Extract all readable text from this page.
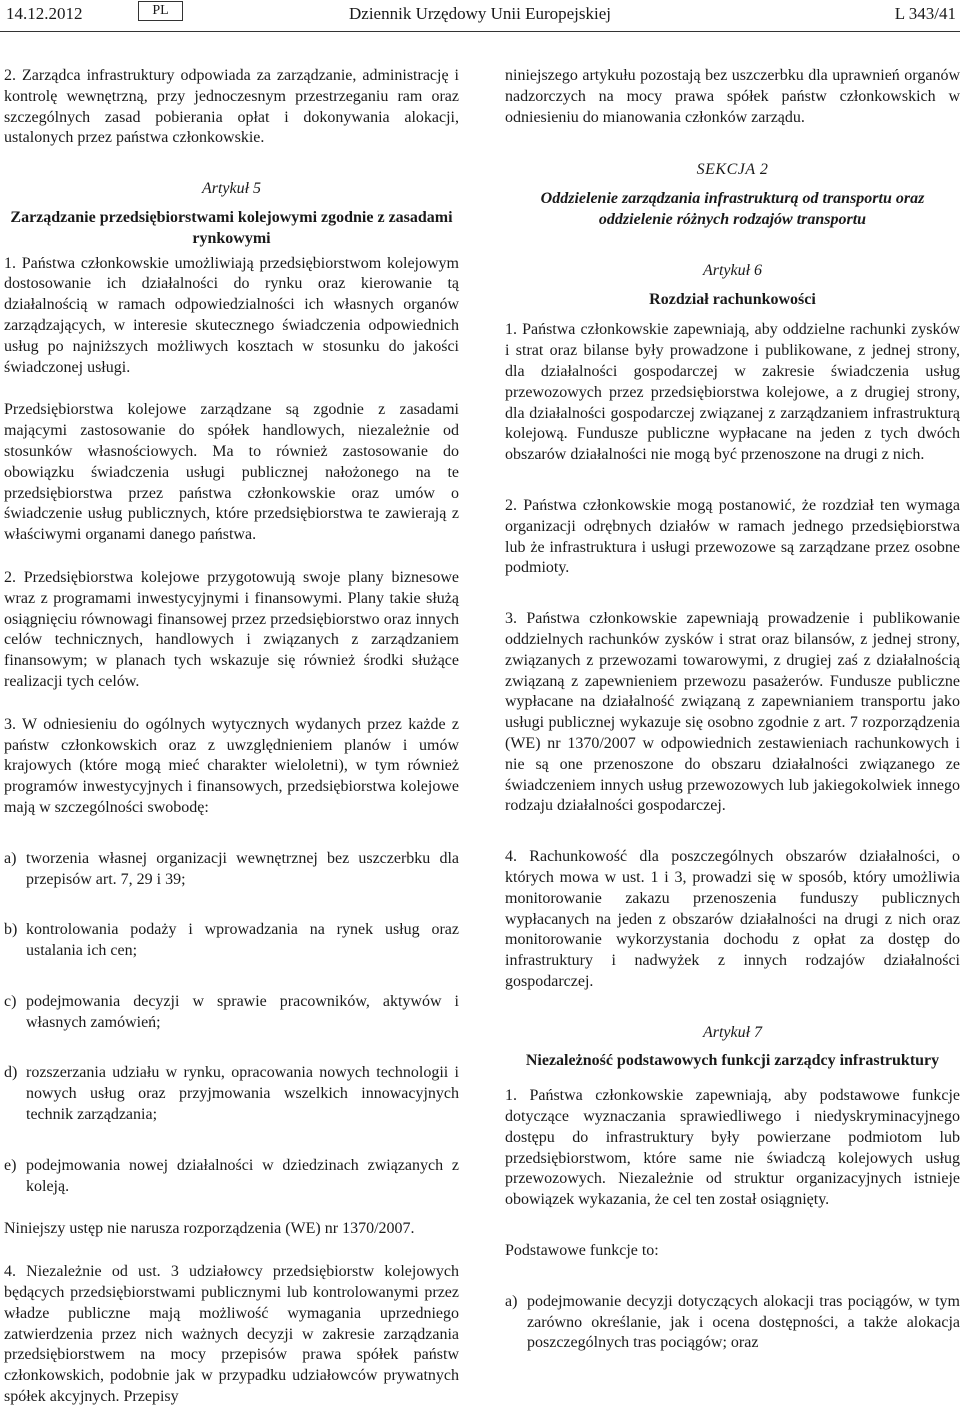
14.12.2012	PL	Dziennik Urzędowy Unii Europejskiej	L 343/41

2. Zarządca infrastruktury odpowiada za zarządzanie, administrację i kontrolę wewnętrzną, przy jednoczesnym przestrzeganiu ram oraz szczególnych zasad pobierania opłat i dokonywania alokacji, ustalonych przez państwa członkowskie.

Artykuł 5

Zarządzanie przedsiębiorstwami kolejowymi zgodnie z zasadami rynkowymi

1. Państwa członkowskie umożliwiają przedsiębiorstwom kolejowym dostosowanie ich działalności do rynku oraz kierowanie tą działalnością w ramach odpowiedzialności ich własnych organów zarządzających, w interesie skutecznego świadczenia odpowiednich usług po najniższych możliwych kosztach w stosunku do jakości świadczonej usługi.

Przedsiębiorstwa kolejowe zarządzane są zgodnie z zasadami mającymi zastosowanie do spółek handlowych, niezależnie od stosunków własnościowych. Ma to również zastosowanie do obowiązku świadczenia usługi publicznej nałożonego na te przedsiębiorstwa przez państwa członkowskie oraz umów o świadczenie usług publicznych, które przedsiębiorstwa te zawierają z właściwymi organami danego państwa.

2. Przedsiębiorstwa kolejowe przygotowują swoje plany biznesowe wraz z programami inwestycyjnymi i finansowymi. Plany takie służą osiągnięciu równowagi finansowej przez przedsiębiorstwo oraz innych celów technicznych, handlowych i związanych z zarządzaniem finansowym; w planach tych wskazuje się również środki służące realizacji tych celów.

3. W odniesieniu do ogólnych wytycznych wydanych przez każde z państw członkowskich oraz z uwzględnieniem planów i umów krajowych (które mogą mieć charakter wieloletni), w tym również programów inwestycyjnych i finansowych, przedsiębiorstwa kolejowe mają w szczególności swobodę:

a) tworzenia własnej organizacji wewnętrznej bez uszczerbku dla przepisów art. 7, 29 i 39;
b) kontrolowania podaży i wprowadzania na rynek usług oraz ustalania ich cen;
c) podejmowania decyzji w sprawie pracowników, aktywów i własnych zamówień;
d) rozszerzania udziału w rynku, opracowania nowych technologii i nowych usług oraz przyjmowania wszelkich innowacyjnych technik zarządzania;
e) podejmowania nowej działalności w dziedzinach związanych z koleją.

Niniejszy ustęp nie narusza rozporządzenia (WE) nr 1370/2007.

4. Niezależnie od ust. 3 udziałowcy przedsiębiorstw kolejowych będących przedsiębiorstwami publicznymi lub kontrolowanymi przez władze publiczne mają możliwość wymagania uprzedniego zatwierdzenia przez nich ważnych decyzji w zakresie zarządzania przedsiębiorstwem na mocy przepisów prawa spółek państw członkowskich, podobnie jak w przypadku udziałowców prywatnych spółek akcyjnych. Przepisy

niniejszego artykułu pozostają bez uszczerbku dla uprawnień organów nadzorczych na mocy prawa spółek państw członkowskich w odniesieniu do mianowania członków zarządu.

SEKCJA 2

Oddzielenie zarządzania infrastrukturą od transportu oraz oddzielenie różnych rodzajów transportu

Artykuł 6

Rozdział rachunkowości

1. Państwa członkowskie zapewniają, aby oddzielne rachunki zysków i strat oraz bilanse były prowadzone i publikowane, z jednej strony, dla działalności gospodarczej w zakresie świadczenia usług przewozowych przez przedsiębiorstwa kolejowe, a z drugiej strony, dla działalności gospodarczej związanej z zarządzaniem infrastrukturą kolejową. Fundusze publiczne wypłacane na jeden z tych dwóch obszarów działalności nie mogą być przenoszone na drugi z nich.

2. Państwa członkowskie mogą postanowić, że rozdział ten wymaga organizacji odrębnych działów w ramach jednego przedsiębiorstwa lub że infrastruktura i usługi przewozowe są zarządzane przez osobne podmioty.

3. Państwa członkowskie zapewniają prowadzenie i publikowanie oddzielnych rachunków zysków i strat oraz bilansów, z jednej strony, związanych z przewozami towarowymi, z drugiej zaś z działalnością związaną z zapewnieniem przewozu pasażerów. Fundusze publiczne wypłacane na działalność związaną z zapewnianiem transportu jako usługi publicznej wykazuje się osobno zgodnie z art. 7 rozporządzenia (WE) nr 1370/2007 w odpowiednich zestawieniach rachunkowych i nie są one przenoszone do obszaru działalności związanego ze świadczeniem innych usług przewozowych lub jakiegokolwiek innego rodzaju działalności gospodarczej.

4. Rachunkowość dla poszczególnych obszarów działalności, o których mowa w ust. 1 i 3, prowadzi się w sposób, który umożliwia monitorowanie zakazu przenoszenia funduszy publicznych wypłacanych na jeden z obszarów działalności na drugi z nich oraz monitorowanie wykorzystania dochodu z opłat za dostęp do infrastruktury i nadwyżek z innych rodzajów działalności gospodarczej.

Artykuł 7

Niezależność podstawowych funkcji zarządcy infrastruktury

1. Państwa członkowskie zapewniają, aby podstawowe funkcje dotyczące wyznaczania sprawiedliwego i niedyskryminacyjnego dostępu do infrastruktury były powierzane podmiotom lub przedsiębiorstwom, które same nie świadczą kolejowych usług przewozowych. Niezależnie od struktur organizacyjnych istnieje obowiązek wykazania, że cel ten został osiągnięty.

Podstawowe funkcje to:

a) podejmowanie decyzji dotyczących alokacji tras pociągów, w tym zarówno określanie, jak i ocena dostępności, a także alokacja poszczególnych tras pociągów; oraz
